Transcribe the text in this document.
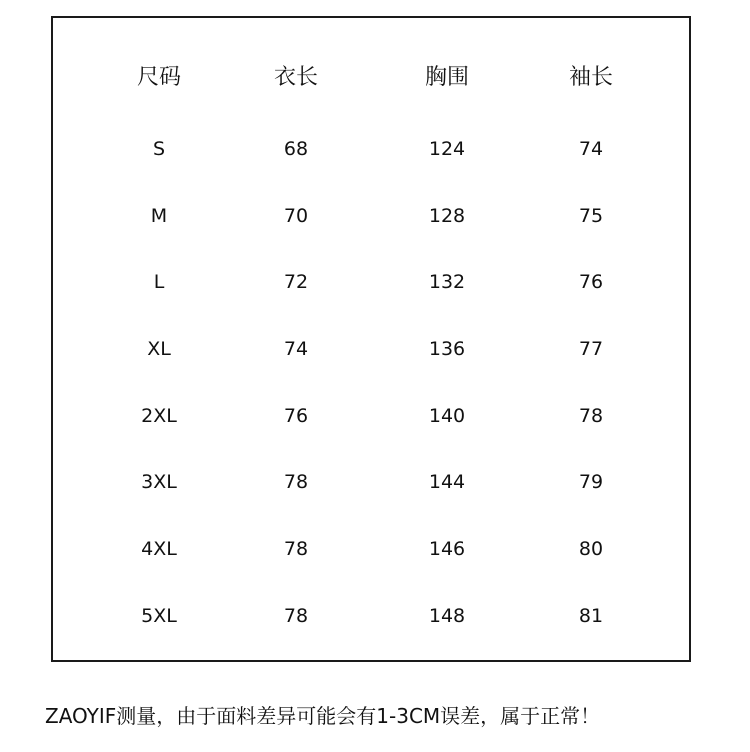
尺码	衣长	胸围	袖长
S	68	124	74
M	70	128	75
L	72	132	76
XL	74	136	77
2XL	76	140	78
3XL	78	144	79
4XL	78	146	80
5XL	78	148	81
ZAOYIF测量，由于面料差异可能会有1-3CM误差，属于正常！
